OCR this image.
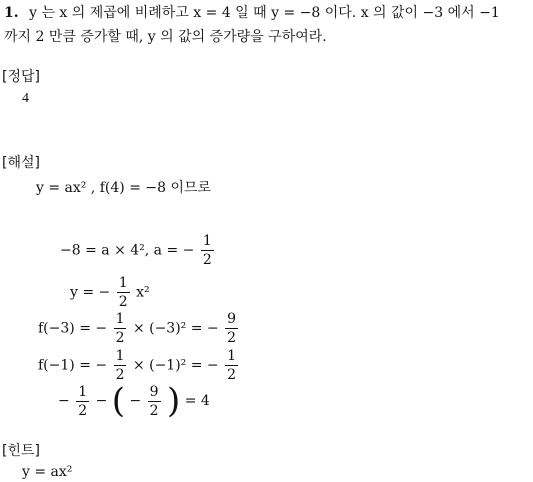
1. y 는 x 의 제곱에 비례하고 x = 4 일 때 y = −8 이다. x 의 값이 −3 에서 −1
까지 2 만큼 증가할 때, y 의 값의 증가량을 구하여라.
[정답]
4
[해설]
y = ax² , f(4) = −8 이므로
−8 = a × 4², a = − $\frac{1}{2}$
y = − $\frac{1}{2} x^2$
f(−3) = − $\frac{1}{2} \times (-3)^2$ = − $\frac{9}{2}$
f(−1) = − $\frac{1}{2} \times (-1)^2$ = − $\frac{1}{2}$
− $\frac{1}{2}$ − ( − $\frac{9}{2}$ ) = 4
[힌트]
y = ax²
